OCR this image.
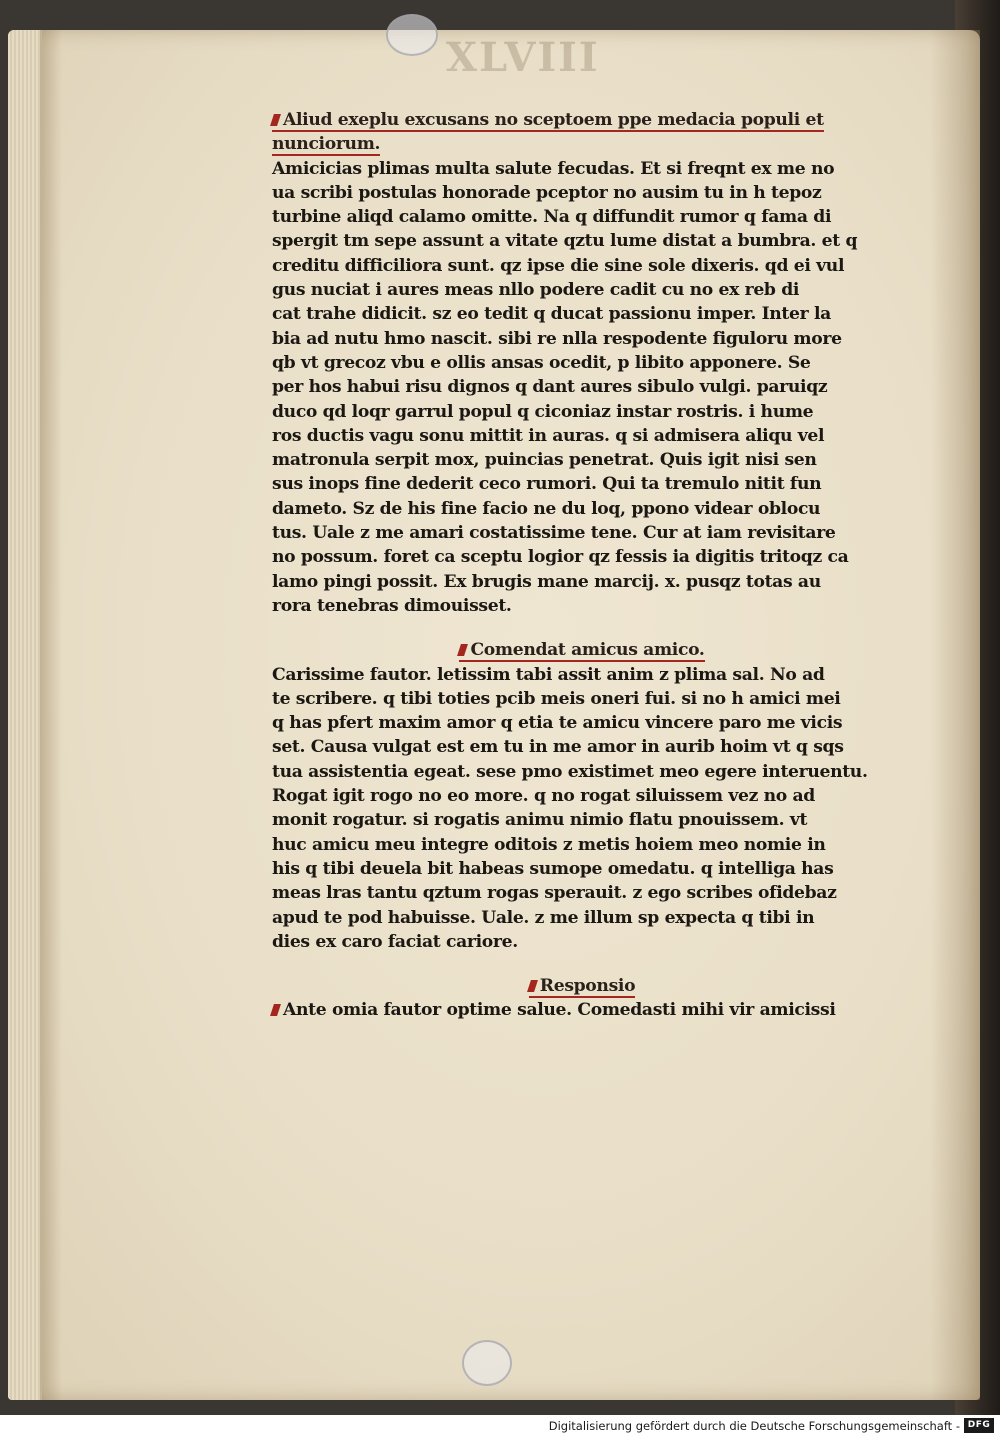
XLVIII
Aliud exeplu excusans no sceptoem ppe medacia populi et
nunciorum.
Amicicias plimas multa salute fecudas. Et si freqnt ex me no
ua scribi postulas honorade pceptor no ausim tu in h tepoz
turbine aliqd calamo omitte. Na q diffundit rumor q fama di
spergit tm sepe assunt a vitate qztu lume distat a bumbra. et q
creditu difficiliora sunt. qz ipse die sine sole dixeris. qd ei vul
gus nuciat i aures meas nllo podere cadit cu no ex reb di
cat trahe didicit. sz eo tedit q ducat passionu imper. Inter la
bia ad nutu hmo nascit. sibi re nlla respodente figuloru more
qb vt grecoz vbu e ollis ansas ocedit, p libito apponere. Se
per hos habui risu dignos q dant aures sibulo vulgi. paruiqz
duco qd loqr garrul popul q ciconiaz instar rostris. i hume
ros ductis vagu sonu mittit in auras. q si admisera aliqu vel
matronula serpit mox, puincias penetrat. Quis igit nisi sen
sus inops fine dederit ceco rumori. Qui ta tremulo nitit fun
dameto. Sz de his fine facio ne du loq, ppono videar oblocu
tus. Uale z me amari costatissime tene. Cur at iam revisitare
no possum. foret ca sceptu logior qz fessis ia digitis tritoqz ca
lamo pingi possit. Ex brugis mane marcij. x. pusqz totas au
rora tenebras dimouisset.
Comendat amicus amico.
Carissime fautor. letissim tabi assit anim z plima sal. No ad
te scribere. q tibi toties pcib meis oneri fui. si no h amici mei
q has pfert maxim amor q etia te amicu vincere paro me vicis
set. Causa vulgat est em tu in me amor in aurib hoim vt q sqs
tua assistentia egeat. sese pmo existimet meo egere interuentu.
Rogat igit rogo no eo more. q no rogat siluissem vez no ad
monit rogatur. si rogatis animu nimio flatu pnouissem. vt
huc amicu meu integre oditois z metis hoiem meo nomie in
his q tibi deuela bit habeas sumope omedatu. q intelliga has
meas lras tantu qztum rogas sperauit. z ego scribes ofidebaz
apud te pod habuisse. Uale. z me illum sp expecta q tibi in
dies ex caro faciat cariore.
Responsio
Ante omia fautor optime salue. Comedasti mihi vir amicissi
Digitalisierung gefördert durch die Deutsche Forschungsgemeinschaft - DFG
